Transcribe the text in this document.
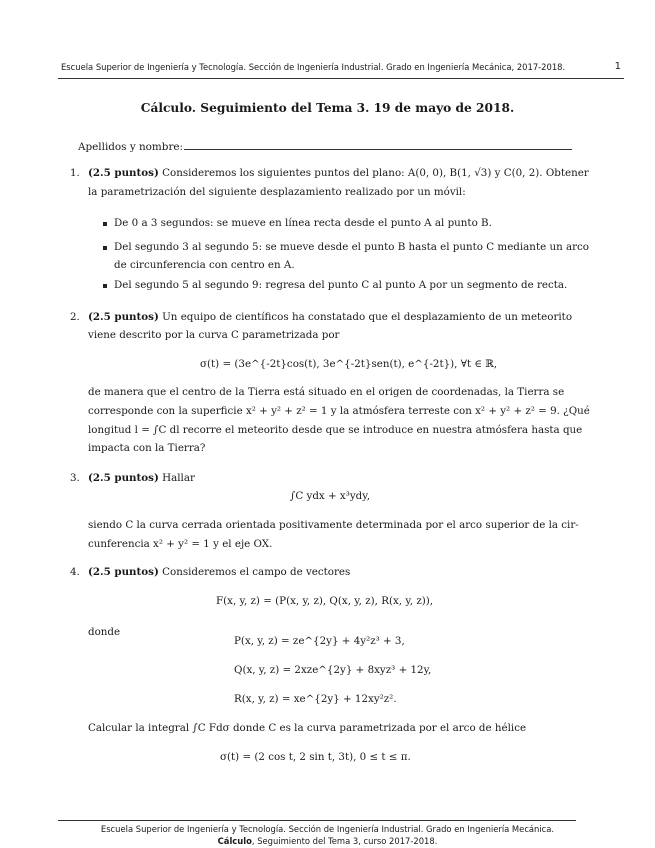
Escuela Superior de Ingeniería y Tecnología. Sección de Ingeniería Industrial. Grado en Ingeniería Mecánica, 2017-2018.	1
Cálculo. Seguimiento del Tema 3. 19 de mayo de 2018.
Apellidos y nombre:
1. (2.5 puntos) Consideremos los siguientes puntos del plano: A(0, 0), B(1, √3) y C(0, 2). Obtener
la parametrización del siguiente desplazamiento realizado por un móvil:
De 0 a 3 segundos: se mueve en línea recta desde el punto A al punto B.
Del segundo 3 al segundo 5: se mueve desde el punto B hasta el punto C mediante un arco
de circunferencia con centro en A.
Del segundo 5 al segundo 9: regresa del punto C al punto A por un segmento de recta.
2. (2.5 puntos) Un equipo de científicos ha constatado que el desplazamiento de un meteorito
viene descrito por la curva C parametrizada por
σ(t) = (3e^{-2t}cos(t), 3e^{-2t}sen(t), e^{-2t}), ∀t ∈ ℝ,
de manera que el centro de la Tierra está situado en el origen de coordenadas, la Tierra se
corresponde con la superficie x² + y² + z² = 1 y la atmósfera terreste con x² + y² + z² = 9. ¿Qué
longitud l = ∫C dl recorre el meteorito desde que se introduce en nuestra atmósfera hasta que
impacta con la Tierra?
3. (2.5 puntos) Hallar
∫C ydx + x³ydy,
siendo C la curva cerrada orientada positivamente determinada por el arco superior de la cir-
cunferencia x² + y² = 1 y el eje OX.
4. (2.5 puntos) Consideremos el campo de vectores
F(x, y, z) = (P(x, y, z), Q(x, y, z), R(x, y, z)),
donde
P(x, y, z) = ze^{2y} + 4y²z³ + 3,
Q(x, y, z) = 2xze^{2y} + 8xyz³ + 12y,
R(x, y, z) = xe^{2y} + 12xy²z².
Calcular la integral ∫C Fdσ donde C es la curva parametrizada por el arco de hélice
σ(t) = (2 cos t, 2 sin t, 3t), 0 ≤ t ≤ π.
Escuela Superior de Ingeniería y Tecnología. Sección de Ingeniería Industrial. Grado en Ingeniería Mecánica.
Cálculo, Seguimiento del Tema 3, curso 2017-2018.
